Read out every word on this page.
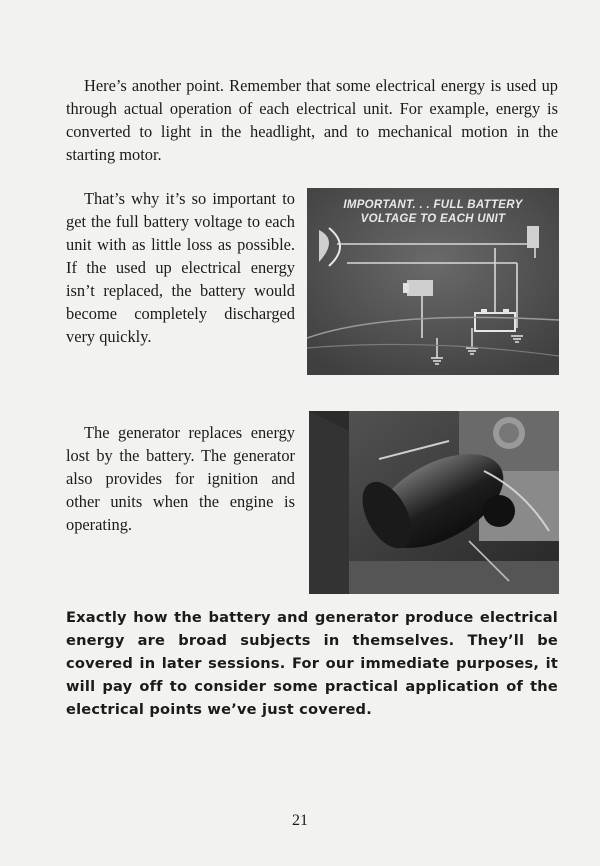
Here’s another point. Remember that some electrical energy is used up through actual operation of each electrical unit. For example, energy is converted to light in the headlight, and to mechanical motion in the starting motor.

That’s why it’s so important to get the full battery voltage to each unit with as little loss as possible. If the used up electrical energy isn’t replaced, the battery would become completely discharged very quickly.

IMPORTANT. . . FULL BATTERY
VOLTAGE TO EACH UNIT

The generator replaces energy lost by the battery. The generator also provides for ignition and other units when the engine is operating.

Exactly how the battery and generator produce electrical energy are broad subjects in themselves. They’ll be covered in later sessions. For our immediate purposes, it will pay off to consider some practical application of the electrical points we’ve just covered.

21
